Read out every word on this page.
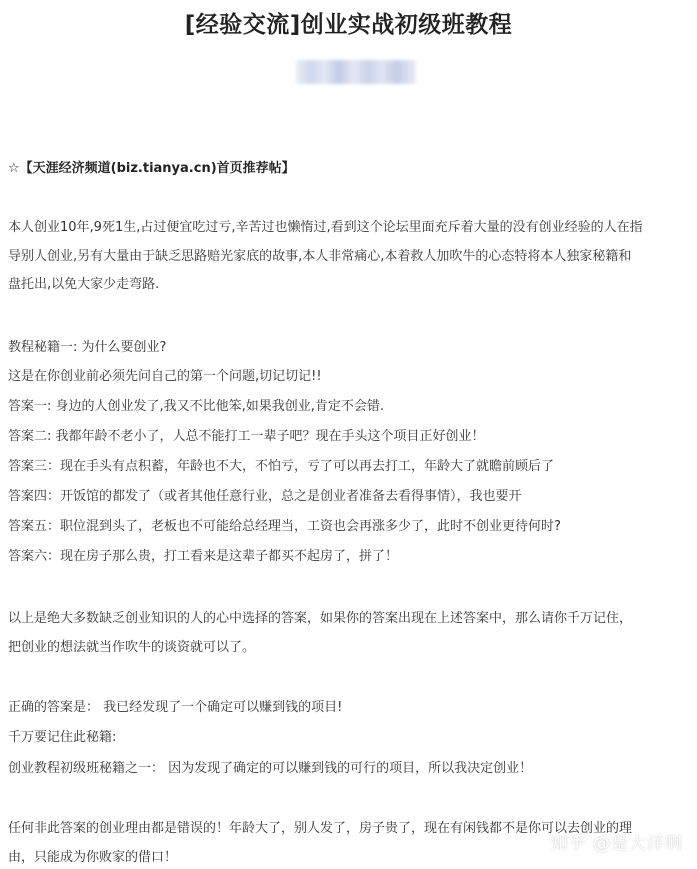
[经验交流]创业实战初级班教程
☆【天涯经济频道(biz.tianya.cn)首页推荐帖】
本人创业10年,9死1生,占过便宜吃过亏,辛苦过也懒惰过,看到这个论坛里面充斥着大量的没有创业经验的人在指
导别人创业,另有大量由于缺乏思路赔光家底的故事,本人非常痛心,本着救人加吹牛的心态特将本人独家秘籍和
盘托出,以免大家少走弯路.
教程秘籍一: 为什么要创业?
这是在你创业前必须先问自己的第一个问题,切记切记!!
答案一: 身边的人创业发了,我又不比他笨,如果我创业,肯定不会错.
答案二: 我都年龄不老小了，人总不能打工一辈子吧？现在手头这个项目正好创业！
答案三：现在手头有点积蓄，年龄也不大，不怕亏，亏了可以再去打工，年龄大了就瞻前顾后了
答案四：开饭馆的都发了（或者其他任意行业，总之是创业者准备去看得事情），我也要开
答案五：职位混到头了，老板也不可能给总经理当，工资也会再涨多少了，此时不创业更待何时?
答案六：现在房子那么贵，打工看来是这辈子都买不起房了，拼了！
以上是绝大多数缺乏创业知识的人的心中选择的答案，如果你的答案出现在上述答案中，那么请你千万记住，
把创业的想法就当作吹牛的谈资就可以了。
正确的答案是： 我已经发现了一个确定可以赚到钱的项目!
千万要记住此秘籍:
创业教程初级班秘籍之一： 因为发现了确定的可以赚到钱的可行的项目，所以我决定创业！
任何非此答案的创业理由都是错误的！年龄大了，别人发了，房子贵了，现在有闲钱都不是你可以去创业的理
由，只能成为你败家的借口！
知乎 @是大洋啊
